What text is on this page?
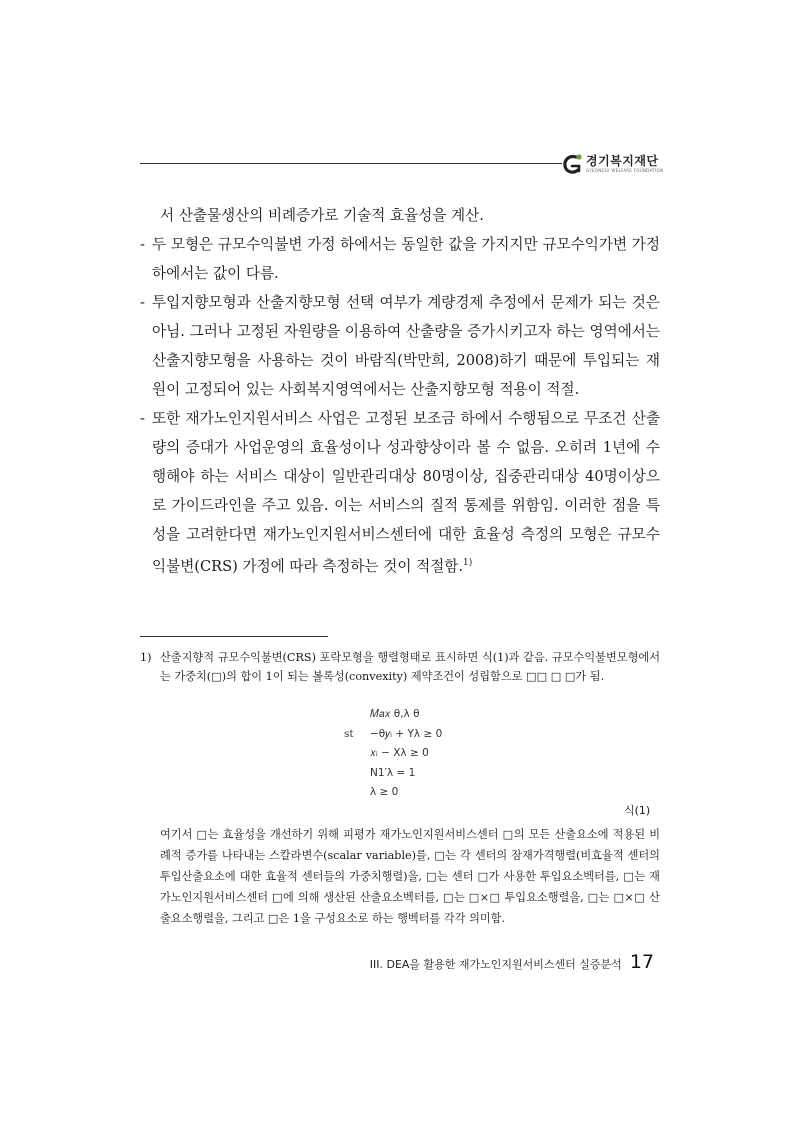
경기복지재단
GYEONGGI WELFARE FOUNDATION
서 산출물생산의 비례증가로 기술적 효율성을 계산.
- 두 모형은 규모수익불변 가정 하에서는 동일한 값을 가지지만 규모수익가변 가정 하에서는 값이 다름.
- 투입지향모형과 산출지향모형 선택 여부가 계량경제 추정에서 문제가 되는 것은 아님. 그러나 고정된 자원량을 이용하여 산출량을 증가시키고자 하는 영역에서는 산출지향모형을 사용하는 것이 바람직(박만희, 2008)하기 때문에 투입되는 재원이 고정되어 있는 사회복지영역에서는 산출지향모형 적용이 적절.
- 또한 재가노인지원서비스 사업은 고정된 보조금 하에서 수행됨으로 무조건 산출량의 증대가 사업운영의 효율성이나 성과향상이라 볼 수 없음. 오히려 1년에 수행해야 하는 서비스 대상이 일반관리대상 80명이상, 집중관리대상 40명이상으로 가이드라인을 주고 있음. 이는 서비스의 질적 통제를 위함임. 이러한 점을 특성을 고려한다면 재가노인지원서비스센터에 대한 효율성 측정의 모형은 규모수익불변(CRS) 가정에 따라 측정하는 것이 적절함.$^{1)}$
1) 산출지향적 규모수익불변(CRS) 포락모형을 행렬형태로 표시하면 식(1)과 같음. 규모수익불변모형에서는 가중치(□)의 합이 1이 되는 볼록성(convexity) 제약조건이 성립함으로 □□ □ □가 됨.
𝑀𝑎𝑥 θ,λ θ
st	−θ𝑦ᵢ + Yλ ≥ 0
𝑥ᵢ − Xλ ≥ 0
N1′λ = 1
λ ≥ 0
식(1)
여기서 □는 효율성을 개선하기 위해 피평가 재가노인지원서비스센터 □의 모든 산출요소에 적용된 비례적 증가를 나타내는 스칼라변수(scalar variable)를, □는 각 센터의 잠재가격행렬(비효율적 센터의 투입산출요소에 대한 효율적 센터들의 가중치행렬)을, □는 센터 □가 사용한 투입요소벡터를, □는 재가노인지원서비스센터 □에 의해 생산된 산출요소벡터를, □는 □×□ 투입요소행렬을, □는 □×□ 산출요소행렬을, 그리고 □은 1을 구성요소로 하는 행벡터를 각각 의미함.
III. DEA을 활용한 재가노인지원서비스센터 실증분석 17
